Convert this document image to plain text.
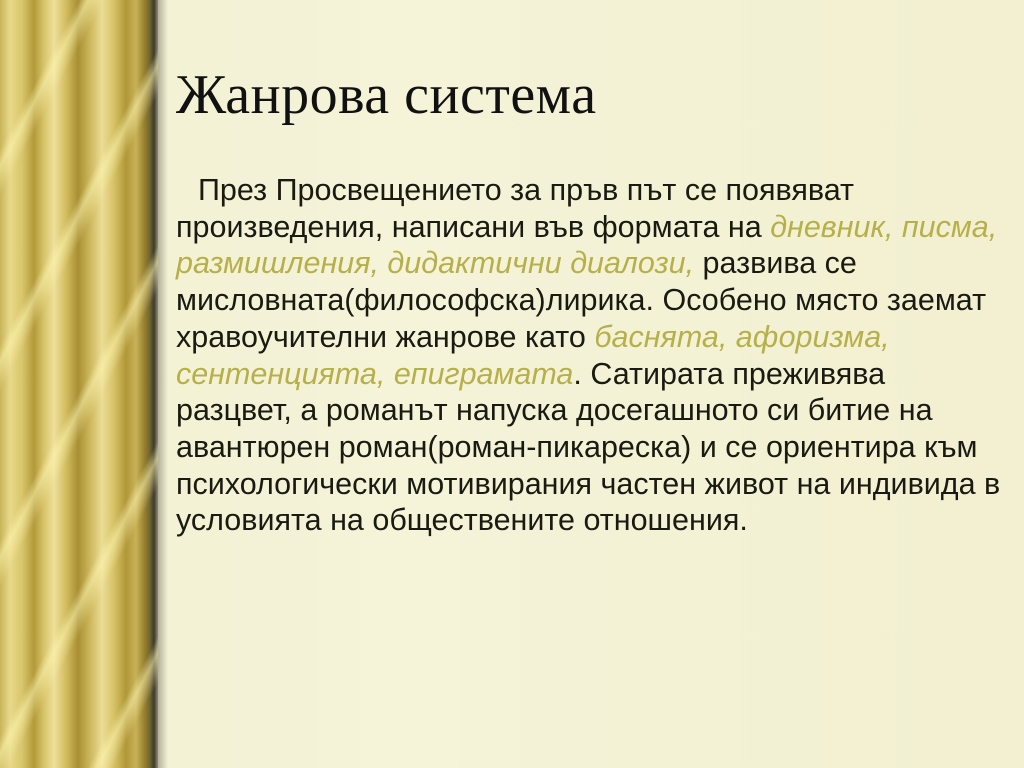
Жанрова система

През Просвещението за пръв път се появяват произведения, написани във формата на дневник, писма, размишления, дидактични диалози, развива се мисловната(философска)лирика. Особено място заемат хравоучителни жанрове като баснята, афоризма, сентенцията, епиграмата. Сатирата преживява разцвет, а романът напуска досегашното си битие на авантюрен роман(роман-пикареска) и се ориентира към психологически мотивирания частен живот на индивида в условията на обществените отношения.
